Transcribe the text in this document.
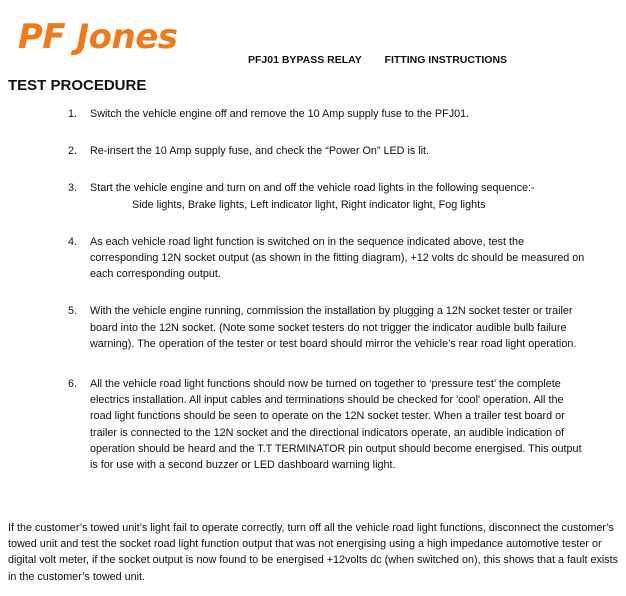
PF Jones
PFJ01 BYPASS RELAY FITTING INSTRUCTIONS
TEST PROCEDURE
1. Switch the vehicle engine off and remove the 10 Amp supply fuse to the PFJ01.
2. Re-insert the 10 Amp supply fuse, and check the “Power On” LED is lit.
3. Start the vehicle engine and turn on and off the vehicle road lights in the following sequence:-
Side lights, Brake lights, Left indicator light, Right indicator light, Fog lights
4. As each vehicle road light function is switched on in the sequence indicated above, test the corresponding 12N socket output (as shown in the fitting diagram), +12 volts dc should be measured on each corresponding output.
5. With the vehicle engine running, commission the installation by plugging a 12N socket tester or trailer board into the 12N socket. (Note some socket testers do not trigger the indicator audible bulb failure warning). The operation of the tester or test board should mirror the vehicle’s rear road light operation.
6. All the vehicle road light functions should now be turned on together to ‘pressure test’ the complete electrics installation. All input cables and terminations should be checked for 'cool' operation. All the road light functions should be seen to operate on the 12N socket tester. When a trailer test board or trailer is connected to the 12N socket and the directional indicators operate, an audible indication of operation should be heard and the T.T TERMINATOR pin output should become energised. This output is for use with a second buzzer or LED dashboard warning light.

If the customer’s towed unit’s light fail to operate correctly, turn off all the vehicle road light functions, disconnect the customer’s towed unit and test the socket road light function output that was not energising using a high impedance automotive tester or digital volt meter, if the socket output is now found to be energised +12volts dc (when switched on), this shows that a fault exists in the customer’s towed unit.
